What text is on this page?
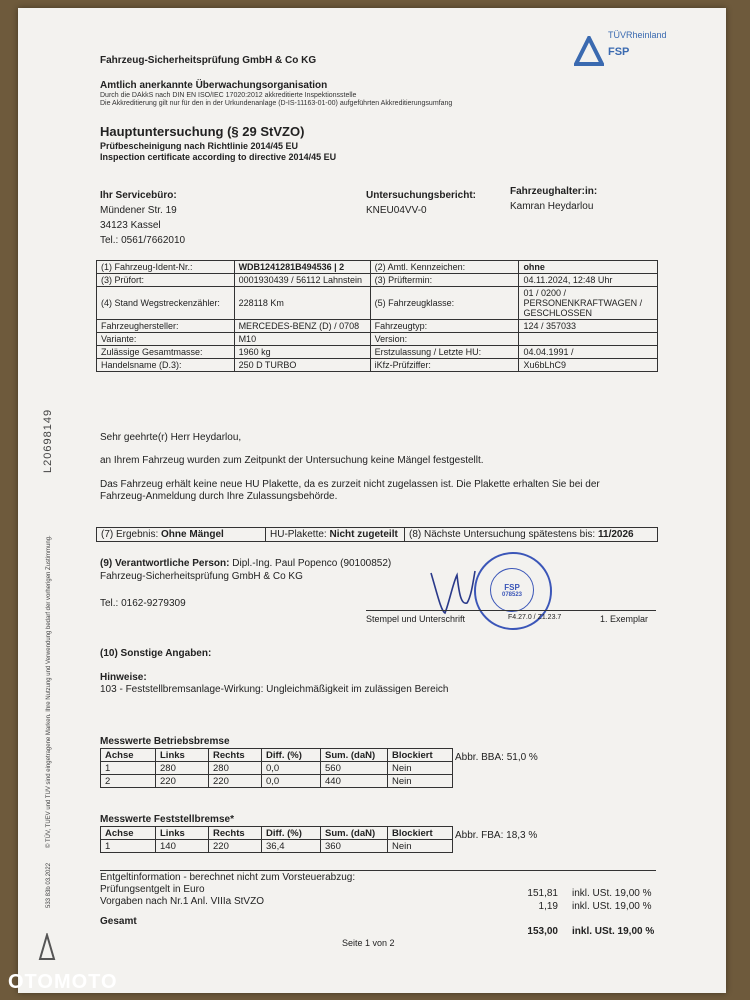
Fahrzeug-Sicherheitsprüfung GmbH & Co KG
Amtlich anerkannte Überwachungsorganisation
Durch die DAkkS nach DIN EN ISO/IEC 17020:2012 akkreditierte Inspektionsstelle
Die Akkreditierung gilt nur für den in der Urkundenanlage (D-IS-11163-01-00) aufgeführten Akkreditierungsumfang
TÜVRheinland
FSP
Hauptuntersuchung (§ 29 StVZO)
Prüfbescheinigung nach Richtlinie 2014/45 EU
Inspection certificate according to directive 2014/45 EU
Ihr Servicebüro:
Mündener Str. 19
34123 Kassel
Tel.: 0561/7662010
Untersuchungsbericht:
KNEU04VV-0
Fahrzeughalter:in:
Kamran Heydarlou
(1) Fahrzeug-Ident-Nr.:	WDB1241281B494536 | 2	(2) Amtl. Kennzeichen:	ohne
(3) Prüfort:	0001930439 / 56112 Lahnstein	(3) Prüftermin:	04.11.2024, 12:48 Uhr
(4) Stand Wegstreckenzähler:	228118 Km	(5) Fahrzeugklasse:	01 / 0200 / PERSONENKRAFTWAGEN / GESCHLOSSEN
Fahrzeughersteller:	MERCEDES-BENZ (D) / 0708	Fahrzeugtyp:	124 / 357033
Variante:	M10	Version:	
Zulässige Gesamtmasse:	1960 kg	Erstzulassung / Letzte HU:	04.04.1991 /
Handelsname (D.3):	250 D TURBO	iKfz-Prüfziffer:	Xu6bLhC9
Sehr geehrte(r) Herr Heydarlou,
an Ihrem Fahrzeug wurden zum Zeitpunkt der Untersuchung keine Mängel festgestellt.
Das Fahrzeug erhält keine neue HU Plakette, da es zurzeit nicht zugelassen ist. Die Plakette erhalten Sie bei der
Fahrzeug-Anmeldung durch Ihre Zulassungsbehörde.
(7) Ergebnis: Ohne Mängel	HU-Plakette: Nicht zugeteilt	(8) Nächste Untersuchung spätestens bis: 11/2026
(9) Verantwortliche Person: Dipl.-Ing. Paul Popenco (90100852)
Fahrzeug-Sicherheitsprüfung GmbH & Co KG
Tel.: 0162-9279309
FSP
078523
Stempel und Unterschrift	F4.27.0 / Z1.23.7	1. Exemplar
(10) Sonstige Angaben:
Hinweise:
103 - Feststellbremsanlage-Wirkung: Ungleichmäßigkeit im zulässigen Bereich
Messwerte Betriebsbremse
Achse	Links	Rechts	Diff. (%)	Sum. (daN)	Blockiert
1	280	280	0,0	560	Nein
2	220	220	0,0	440	Nein
Abbr. BBA: 51,0 %
Messwerte Feststellbremse*
Achse	Links	Rechts	Diff. (%)	Sum. (daN)	Blockiert
1	140	220	36,4	360	Nein
Abbr. FBA: 18,3 %
Entgeltinformation - berechnet nicht zum Vorsteuerabzug:
Prüfungsentgelt in Euro
Vorgaben nach Nr.1 Anl. VIIIa StVZO
151,81 inkl. USt. 19,00 %
1,19 inkl. USt. 19,00 %
Gesamt
153,00 inkl. USt. 19,00 %
Seite 1 von 2
L20698149
© TÜV, TUEV und TUV sind eingetragene Marken. Ihre Nutzung und Verwendung bedarf der vorherigen Zustimmung.
533 83b 03.2022
OTOMOTO
